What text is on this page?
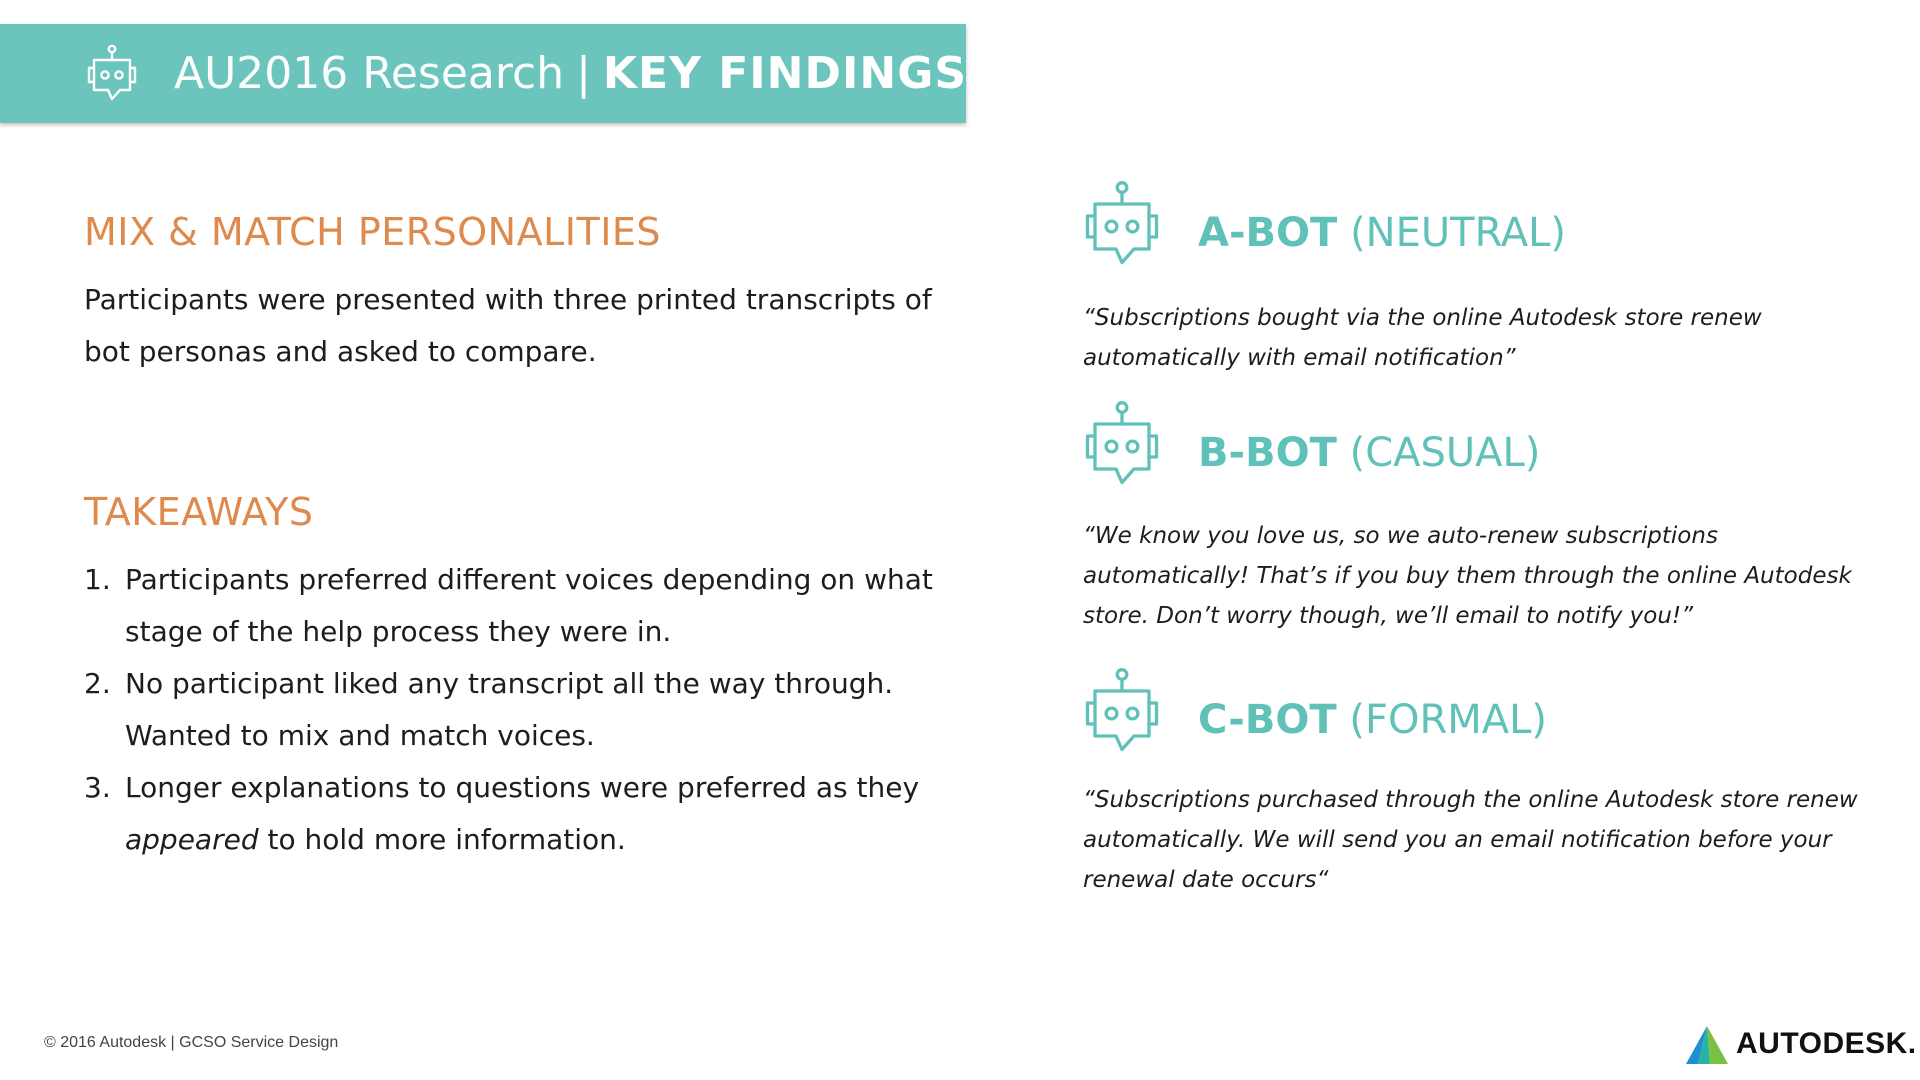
AU2016 Research | KEY FINDINGS
MIX & MATCH PERSONALITIES

Participants were presented with three printed transcripts of bot personas and asked to compare.

TAKEAWAYS
1. Participants preferred different voices depending on what stage of the help process they were in.
2. No participant liked any transcript all the way through. Wanted to mix and match voices.
3. Longer explanations to questions were preferred as they appeared to hold more information.
A-BOT (NEUTRAL)

“Subscriptions bought via the online Autodesk store renew automatically with email notification”

B-BOT (CASUAL)

“We know you love us, so we auto-renew subscriptions automatically! That’s if you buy them through the online Autodesk store. Don’t worry though, we’ll email to notify you!”

C-BOT (FORMAL)

“Subscriptions purchased through the online Autodesk store renew automatically. We will send you an email notification before your renewal date occurs“

© 2016 Autodesk | GCSO Service Design	AUTODESK.
